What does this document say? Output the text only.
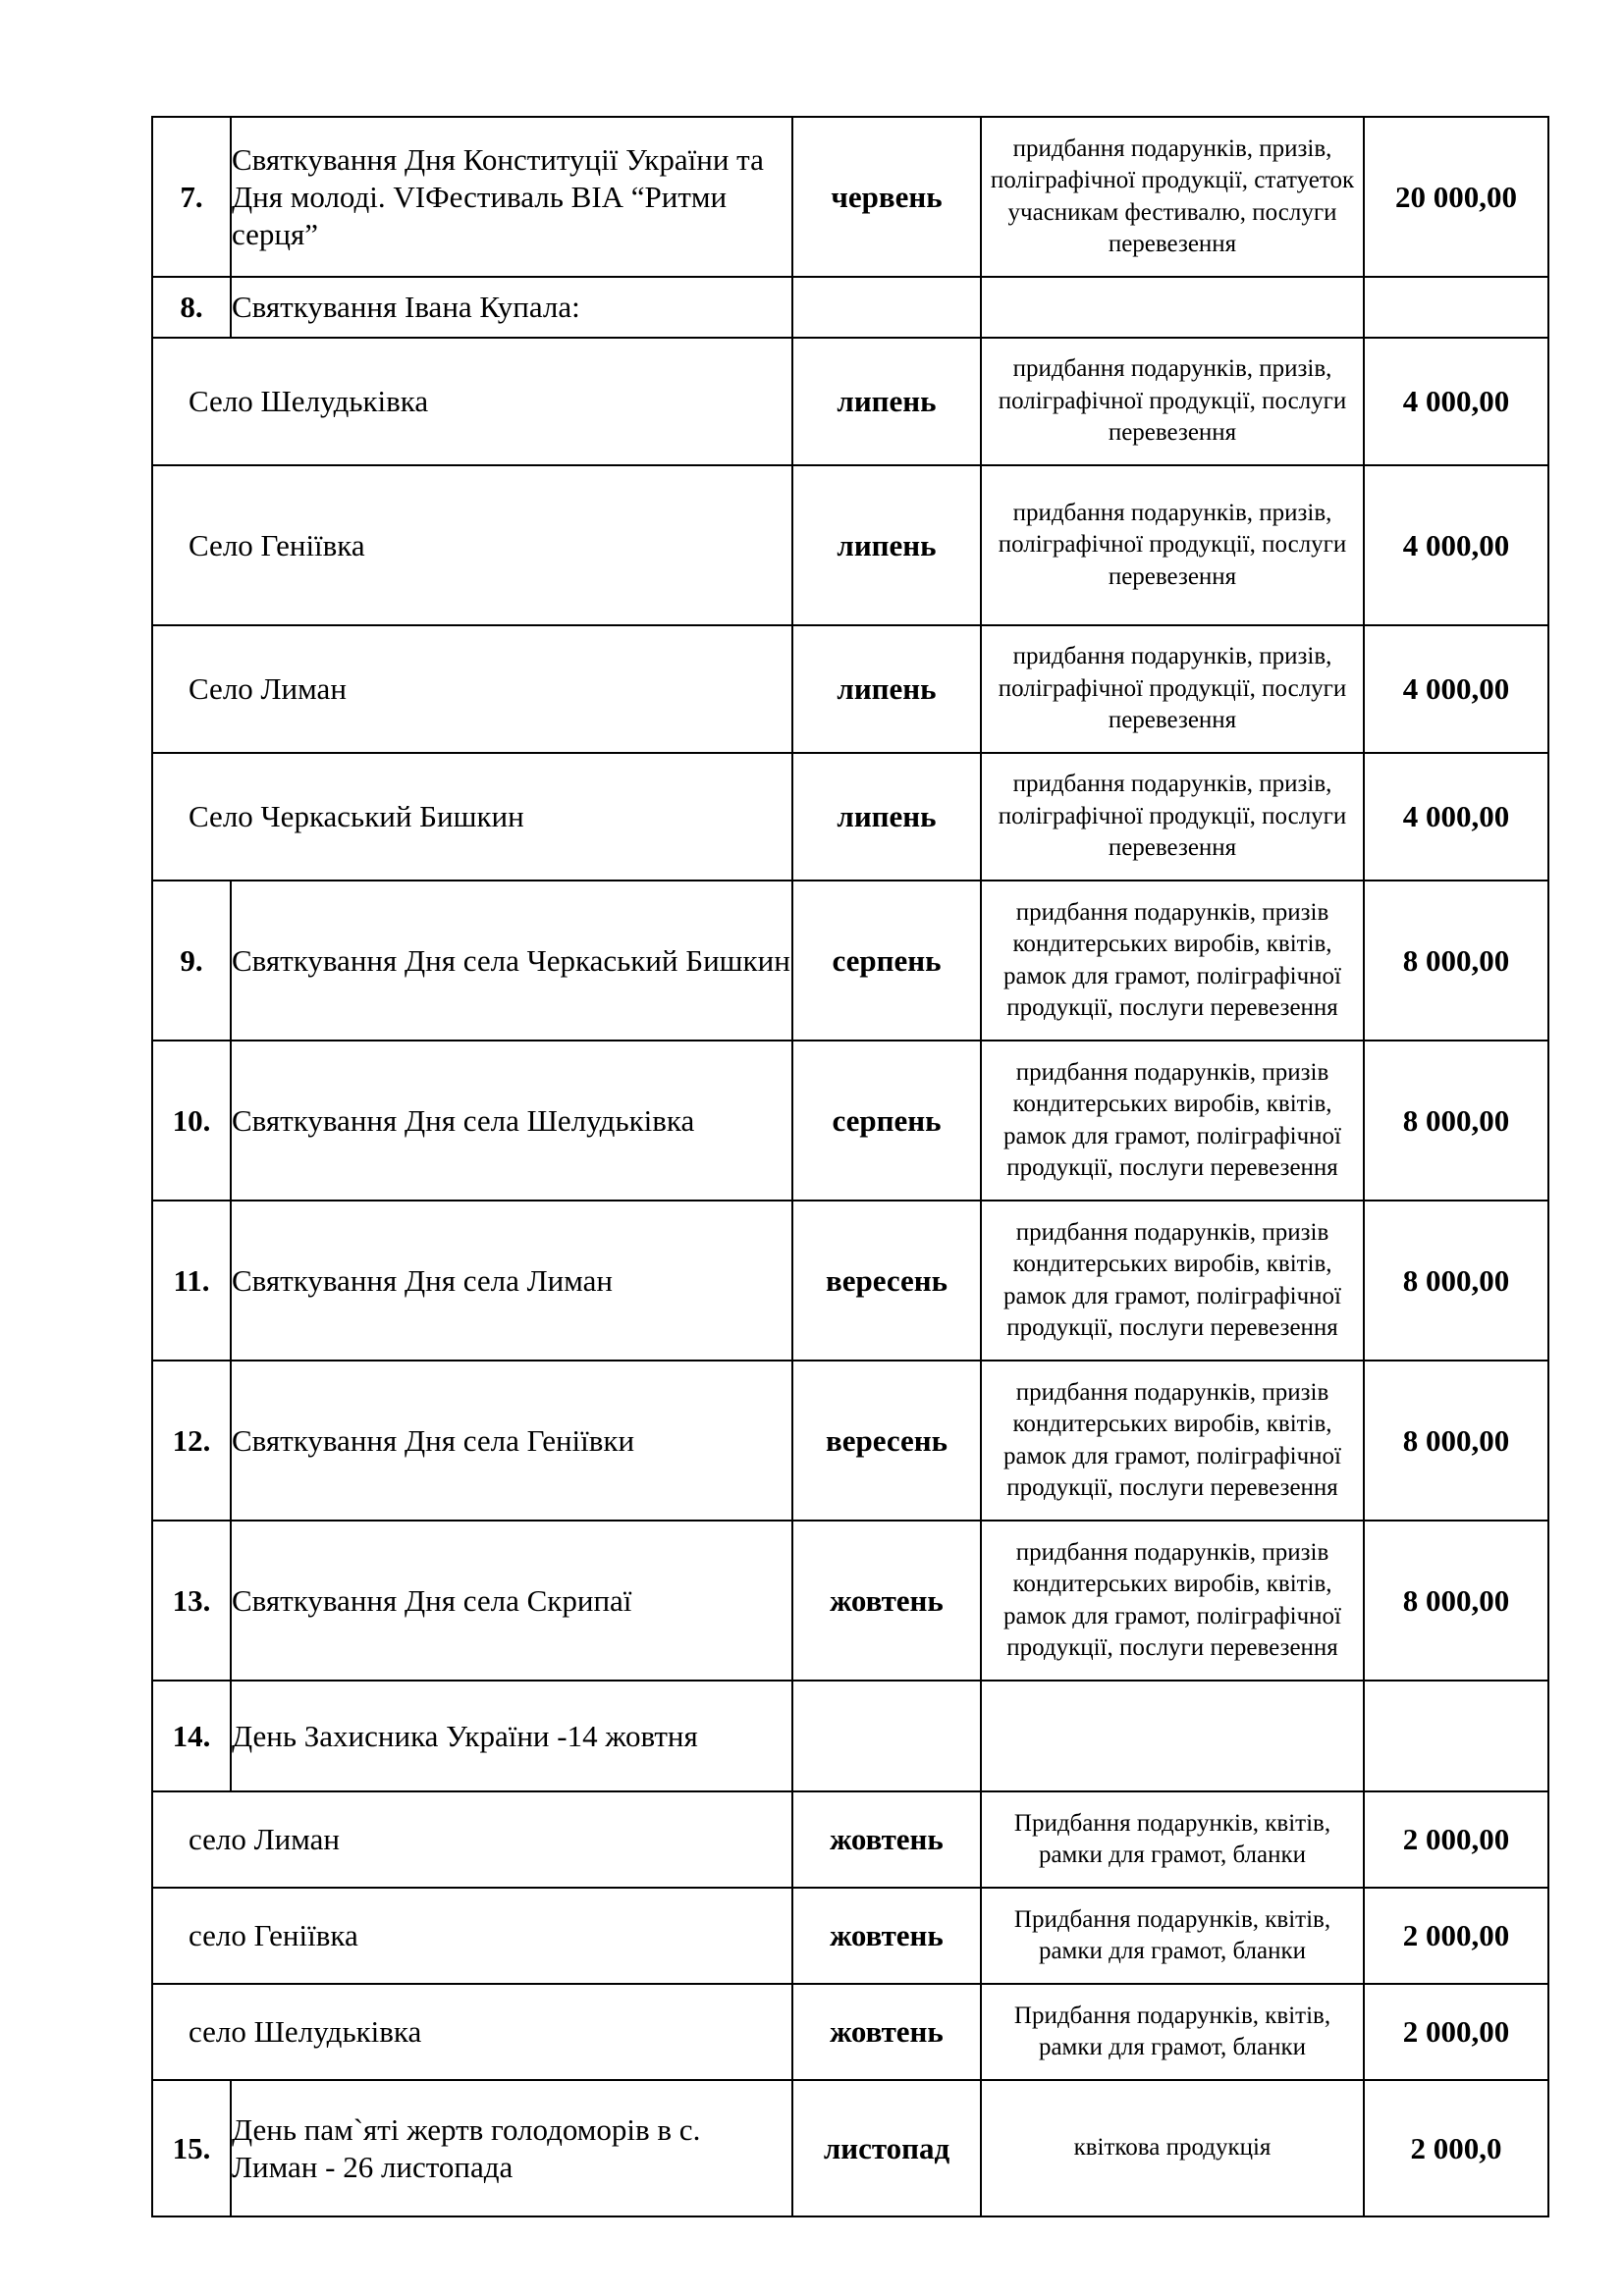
7.	Святкування Дня Конституції України та Дня молоді. VIФестиваль ВІА “Ритми серця”	червень	придбання подарунків, призів, поліграфічної продукції, статуеток учасникам фестивалю, послуги перевезення	20 000,00
8.	Святкування Івана Купала:			
Село Шелудьківка		липень	придбання подарунків, призів, поліграфічної продукції, послуги перевезення	4 000,00
Село Геніївка		липень	придбання подарунків, призів, поліграфічної продукції, послуги перевезення	4 000,00
Село Лиман		липень	придбання подарунків, призів, поліграфічної продукції, послуги перевезення	4 000,00
Село Черкаський Бишкин		липень	придбання подарунків, призів, поліграфічної продукції, послуги перевезення	4 000,00
9.	Святкування Дня села Черкаський Бишкин	серпень	придбання подарунків, призів кондитерських виробів, квітів, рамок для грамот, поліграфічної продукції, послуги перевезення	8 000,00
10.	Святкування Дня села Шелудьківка	серпень	придбання подарунків, призів кондитерських виробів, квітів, рамок для грамот, поліграфічної продукції, послуги перевезення	8 000,00
11.	Святкування Дня села Лиман	вересень	придбання подарунків, призів кондитерських виробів, квітів, рамок для грамот, поліграфічної продукції, послуги перевезення	8 000,00
12.	Святкування Дня села Геніївки	вересень	придбання подарунків, призів кондитерських виробів, квітів, рамок для грамот, поліграфічної продукції, послуги перевезення	8 000,00
13.	Святкування Дня села Скрипаї	жовтень	придбання подарунків, призів кондитерських виробів, квітів, рамок для грамот, поліграфічної продукції, послуги перевезення	8 000,00
14.	День Захисника України -14 жовтня			
село Лиман		жовтень	Придбання подарунків, квітів, рамки для грамот, бланки	2 000,00
село Геніївка		жовтень	Придбання подарунків, квітів, рамки для грамот, бланки	2 000,00
село Шелудьківка		жовтень	Придбання подарунків, квітів, рамки для грамот, бланки	2 000,00
15.	День пам`яті жертв голодоморів в с. Лиман - 26 листопада	листопад	квіткова продукція	2 000,0
